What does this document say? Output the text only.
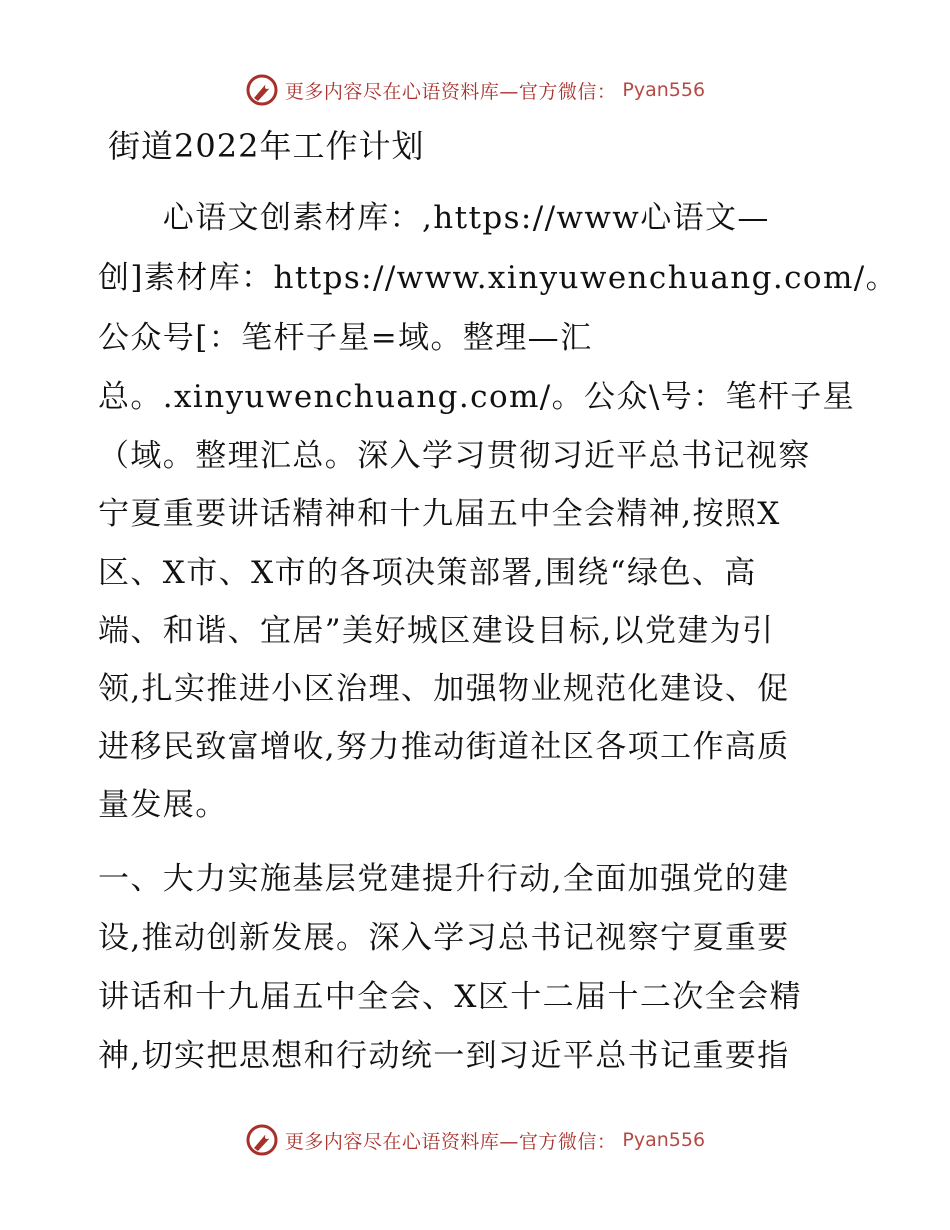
更多内容尽在心语资料库—官方微信： Pyan556
街道2022年工作计划

　　心语文创素材库：,https://www心语文—

创]素材库：https://www.xinyuwenchuang.com/。

公众号[：笔杆子星=域。整理—汇

总。.xinyuwenchuang.com/。公众\号：笔杆子星

（域。整理汇总。深入学习贯彻习近平总书记视察

宁夏重要讲话精神和十九届五中全会精神,按照X

区、X市、X市的各项决策部署,围绕“绿色、高

端、和谐、宜居”美好城区建设目标,以党建为引

领,扎实推进小区治理、加强物业规范化建设、促

进移民致富增收,努力推动街道社区各项工作高质

量发展。

一、大力实施基层党建提升行动,全面加强党的建

设,推动创新发展。深入学习总书记视察宁夏重要

讲话和十九届五中全会、X区十二届十二次全会精

神,切实把思想和行动统一到习近平总书记重要指

更多内容尽在心语资料库—官方微信： Pyan556
